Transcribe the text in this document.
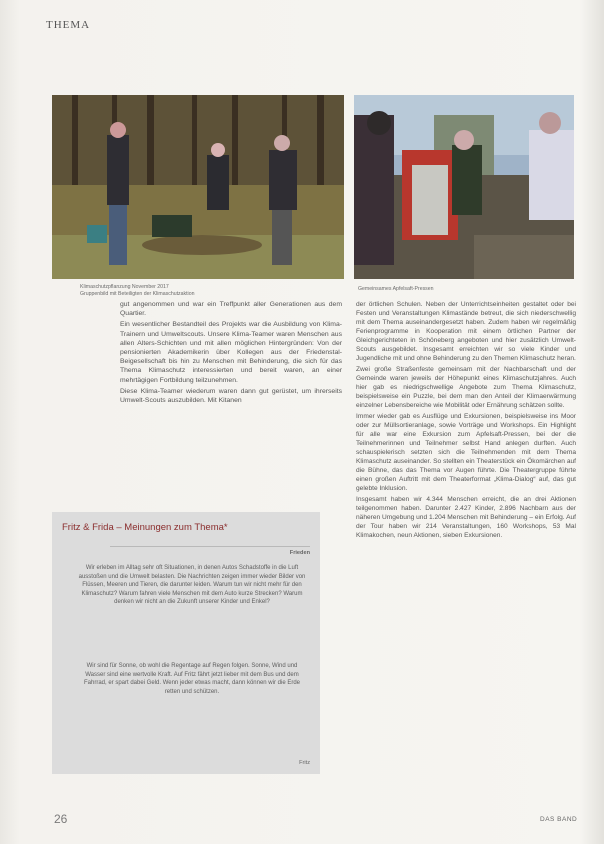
THEMA
Klimaschutzpflanzung November 2017
Gruppenbild mit Beteiligten der Klimaschutzaktion
Gemeinsames Apfelsaft-Pressen

gut angenommen und war ein Treffpunkt aller Generationen aus dem Quartier.

Ein wesentlicher Bestandteil des Projekts war die Ausbildung von Klima-Trainern und Umweltscouts. Unsere Klima-Teamer waren Menschen aus allen Alters-Schichten und mit allen möglichen Hintergründen: Von der pensionierten Akademikerin über Kollegen aus der Friedenstal-Beigesellschaft bis hin zu Menschen mit Behinderung, die sich für das Thema Klimaschutz interessierten und bereit waren, an einer mehrtägigen Fortbildung teilzunehmen.

Diese Klima-Teamer wiederum waren dann gut gerüstet, um ihrerseits Umwelt-Scouts auszubilden. Mit Kitanen

Fritz & Frida – Meinungen zum Thema*
Frieden
Wir erleben im Alltag sehr oft Situationen, in denen Autos Schadstoffe in die Luft ausstoßen und die Umwelt belasten. Die Nachrichten zeigen immer wieder Bilder von Flüssen, Meeren und Tieren, die darunter leiden. Warum tun wir nicht mehr für den Klimaschutz? Warum fahren viele Menschen mit dem Auto kurze Strecken? Warum denken wir nicht an die Zukunft unserer Kinder und Enkel?
Wir sind für Sonne, ob wohl die Regentage auf Regen folgen. Sonne, Wind und Wasser sind eine wertvolle Kraft. Auf Fritz fährt jetzt lieber mit dem Bus und dem Fahrrad, er spart dabei Geld. Wenn jeder etwas macht, dann können wir die Erde retten und schützen.
Fritz

der örtlichen Schulen. Neben der Unterrichtseinheiten gestaltet oder bei Festen und Veranstaltungen Klimastände betreut, die sich niederschwellig mit dem Thema auseinandergesetzt haben. Zudem haben wir regelmäßig Ferienprogramme in Kooperation mit einem örtlichen Partner der Gleichgerichteten in Schöneberg angeboten und hier zusätzlich Umwelt-Scouts ausgebildet. Insgesamt erreichten wir so viele Kinder und Jugendliche mit und ohne Behinderung zu den Themen Klimaschutz heran.

Zwei große Straßenfeste gemeinsam mit der Nachbarschaft und der Gemeinde waren jeweils der Höhepunkt eines Klimaschutzjahres. Auch hier gab es niedrigschwellige Angebote zum Thema Klimaschutz, beispielsweise ein Puzzle, bei dem man den Anteil der Klimaerwärmung einzelner Lebensbereiche wie Mobilität oder Ernährung schätzen sollte.

Immer wieder gab es Ausflüge und Exkursionen, beispielsweise ins Moor oder zur Müllsortieranlage, sowie Vorträge und Workshops. Ein Highlight für alle war eine Exkursion zum Apfelsaft-Pressen, bei der die Teilnehmerinnen und Teilnehmer selbst Hand anlegen durften. Auch schauspielerisch setzten sich die Teilnehmenden mit dem Thema Klimaschutz auseinander. So stellten ein Theaterstück ein Ökomärchen auf die Bühne, das das Thema vor Augen führte. Die Theatergruppe führte einen großen Auftritt mit dem Theaterformat „Klima-Dialog“ auf, das gut gelebte Inklusion.

Insgesamt haben wir 4.344 Menschen erreicht, die an drei Aktionen teilgenommen haben. Darunter 2.427 Kinder, 2.896 Nachbarn aus der näheren Umgebung und 1.204 Menschen mit Behinderung – ein Erfolg. Auf der Tour haben wir 214 Veranstaltungen, 160 Workshops, 53 Mal Klimakochen, neun Aktionen, sieben Exkursionen.

26	DAS BAND
